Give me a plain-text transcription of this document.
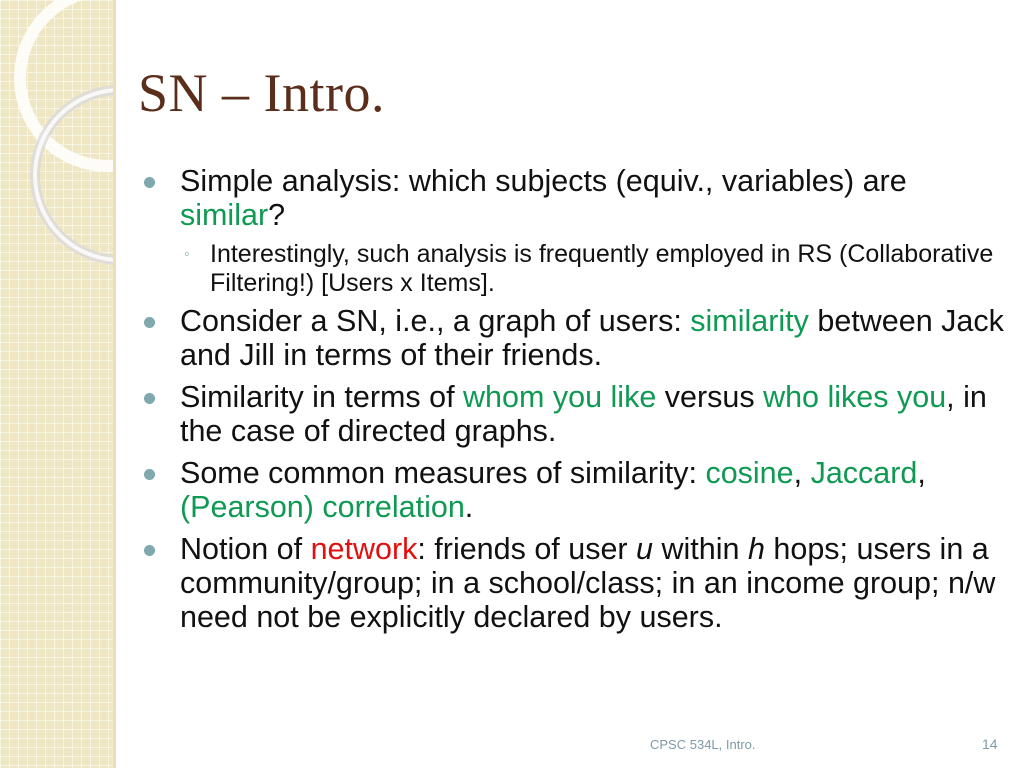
SN – Intro.
Simple analysis: which subjects (equiv., variables) are similar?
◦ Interestingly, such analysis is frequently employed in RS (Collaborative Filtering!) [Users x Items].
Consider a SN, i.e., a graph of users: similarity between Jack and Jill in terms of their friends.
Similarity in terms of whom you like versus who likes you, in the case of directed graphs.
Some common measures of similarity: cosine, Jaccard, (Pearson) correlation.
Notion of network: friends of user u within h hops; users in a community/group; in a school/class; in an income group; n/w need not be explicitly declared by users.
CPSC 534L, Intro.	14
